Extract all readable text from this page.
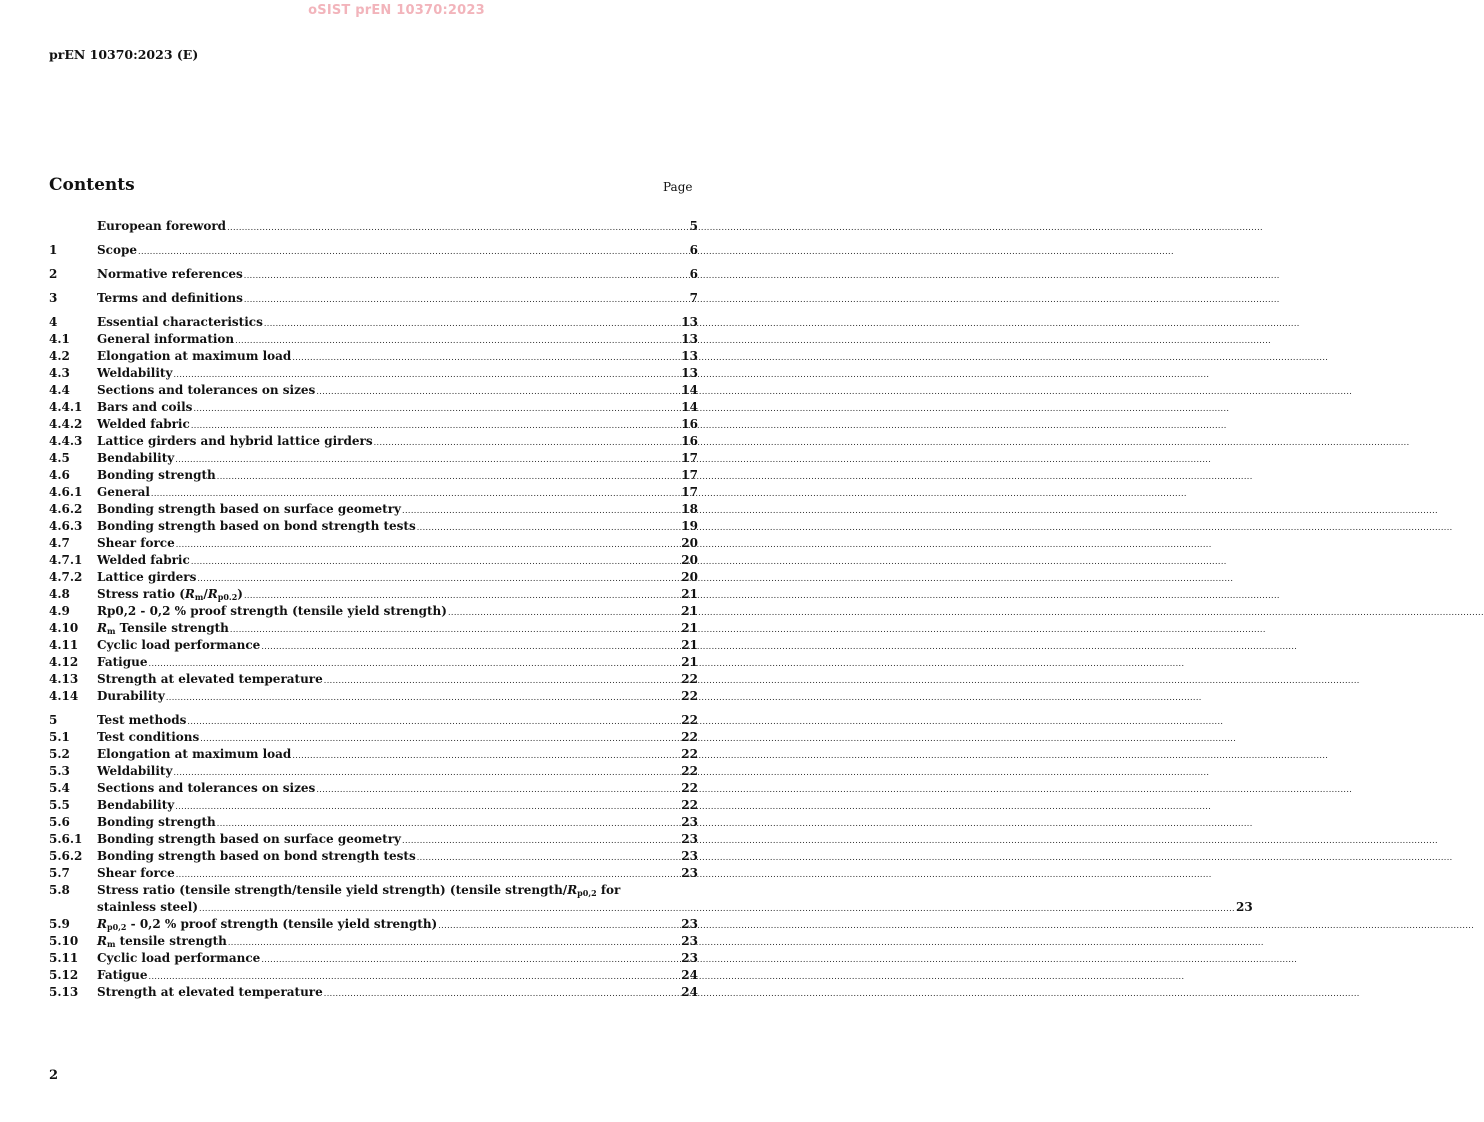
oSIST prEN 10370:2023
prEN 10370:2023 (E)
Contents	Page
European foreword .....	5
1	Scope .....	6
2	Normative references .....	6
3	Terms and definitions .....	7
4	Essential characteristics .....	13
4.1	General information .....	13
4.2	Elongation at maximum load .....	13
4.3	Weldability .....	13
4.4	Sections and tolerances on sizes .....	14
4.4.1	Bars and coils .....	14
4.4.2	Welded fabric .....	16
4.4.3	Lattice girders and hybrid lattice girders .....	16
4.5	Bendability .....	17
4.6	Bonding strength .....	17
4.6.1	General .....	17
4.6.2	Bonding strength based on surface geometry .....	18
4.6.3	Bonding strength based on bond strength tests .....	19
4.7	Shear force .....	20
4.7.1	Welded fabric .....	20
4.7.2	Lattice girders .....	20
4.8	Stress ratio $(R_m/R_{p0.2})$ .....	21
4.9	Rp0,2 - 0,2 % proof strength (tensile yield strength) .....	21
4.10	$R_m$ Tensile strength .....	21
4.11	Cyclic load performance .....	21
4.12	Fatigue .....	21
4.13	Strength at elevated temperature .....	22
4.14	Durability .....	22
5	Test methods .....	22
5.1	Test conditions .....	22
5.2	Elongation at maximum load .....	22
5.3	Weldability .....	22
5.4	Sections and tolerances on sizes .....	22
5.5	Bendability .....	22
5.6	Bonding strength .....	23
5.6.1	Bonding strength based on surface geometry .....	23
5.6.2	Bonding strength based on bond strength tests .....	23
5.7	Shear force .....	23
5.8	Stress ratio (tensile strength/tensile yield strength) (tensile strength/$R_{p0,2}$ for
stainless steel) .....	23
5.9	$R_{p0,2} - 0,2$ % proof strength (tensile yield strength) .....	23
5.10	$R_m$ tensile strength .....	23
5.11	Cyclic load performance .....	23
5.12	Fatigue .....	24
5.13	Strength at elevated temperature .....	24
2
